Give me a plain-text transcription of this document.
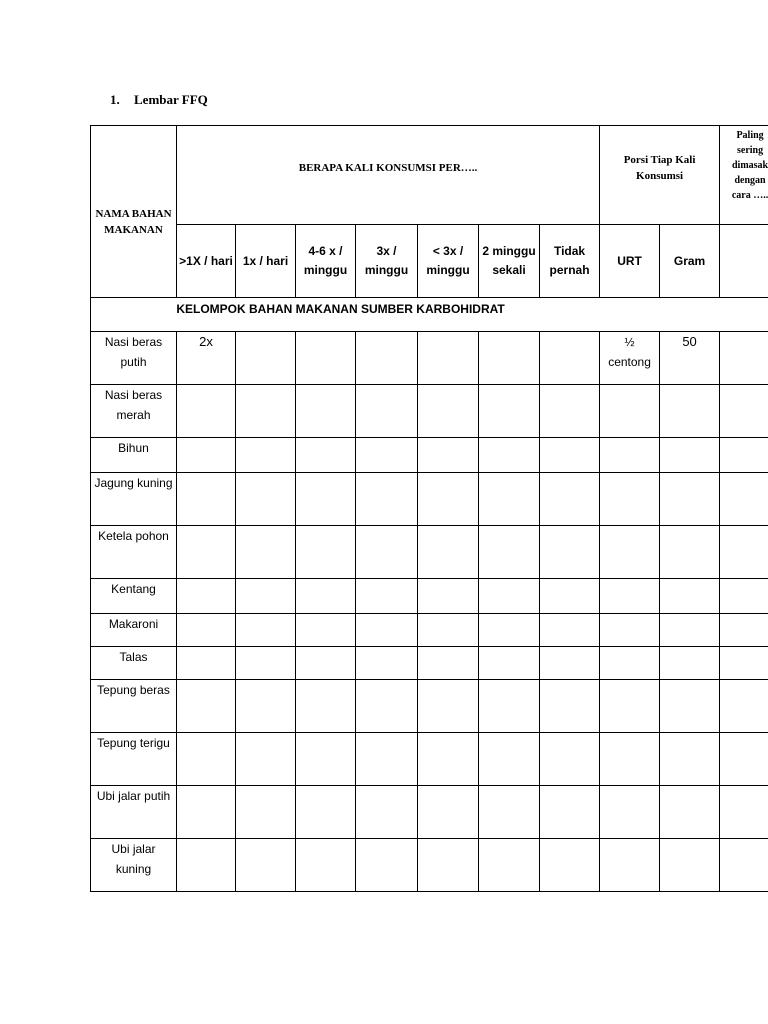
1. Lembar FFQ
NAMA BAHAN MAKANAN	BERAPA KALI KONSUMSI PER…..							Porsi Tiap Kali Konsumsi		Paling
sering
dimasak
dengan
cara …..

	>1X / hari	1x / hari	4-6 x / minggu	3x / minggu	< 3x / minggu	2 minggu sekali	Tidak pernah	URT	Gram	
KELOMPOK BAHAN MAKANAN SUMBER KARBOHIDRAT										
Nasi beras putih	2x							½ centong	50	
Nasi beras merah										
Bihun										
Jagung kuning										
Ketela pohon										
Kentang										
Makaroni										
Talas										
Tepung beras										
Tepung terigu										
Ubi jalar putih										
Ubi jalar kuning										
